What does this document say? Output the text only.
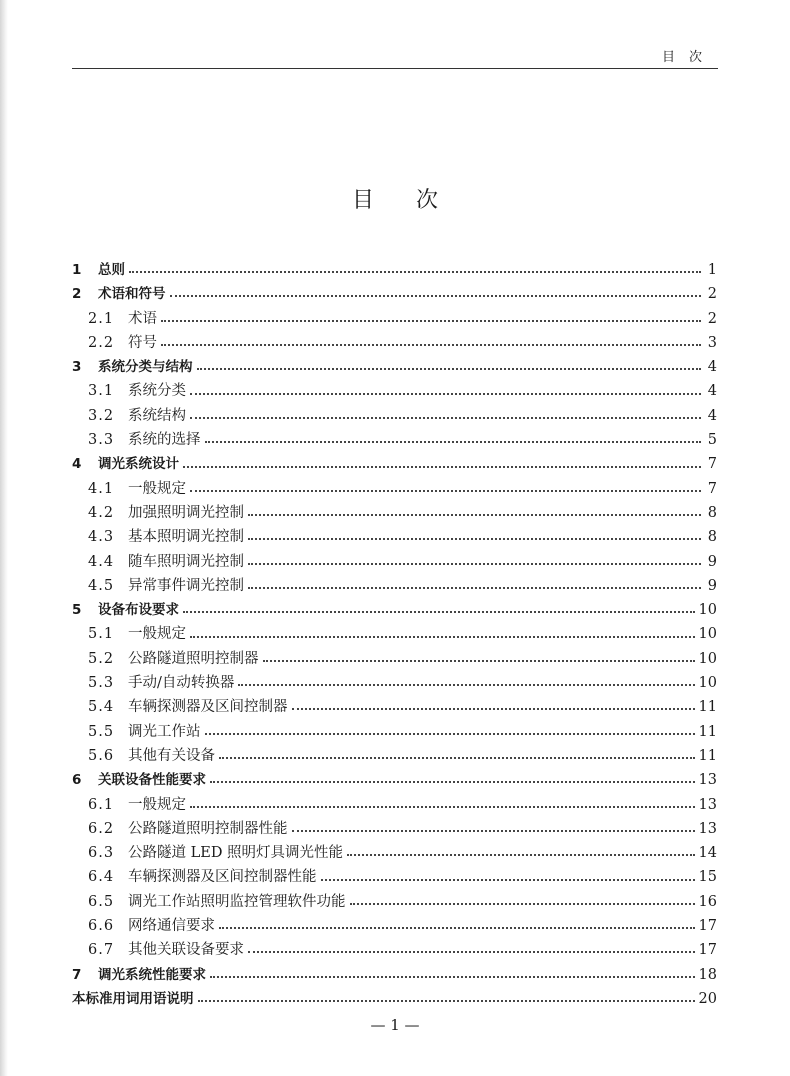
目次
目次
1	总则	1
2	术语和符号	2
2.1 术语	2
2.2 符号	3
3	系统分类与结构	4
3.1 系统分类	4
3.2 系统结构	4
3.3 系统的选择	5
4	调光系统设计	7
4.1 一般规定	7
4.2 加强照明调光控制	8
4.3 基本照明调光控制	8
4.4 随车照明调光控制	9
4.5 异常事件调光控制	9
5	设备布设要求	10
5.1 一般规定	10
5.2 公路隧道照明控制器	10
5.3 手动/自动转换器	10
5.4 车辆探测器及区间控制器	11
5.5 调光工作站	11
5.6 其他有关设备	11
6	关联设备性能要求	13
6.1 一般规定	13
6.2 公路隧道照明控制器性能	13
6.3 公路隧道 LED 照明灯具调光性能	14
6.4 车辆探测器及区间控制器性能	15
6.5 调光工作站照明监控管理软件功能	16
6.6 网络通信要求	17
6.7 其他关联设备要求	17
7	调光系统性能要求	18
本标准用词用语说明	20
— 1 —
